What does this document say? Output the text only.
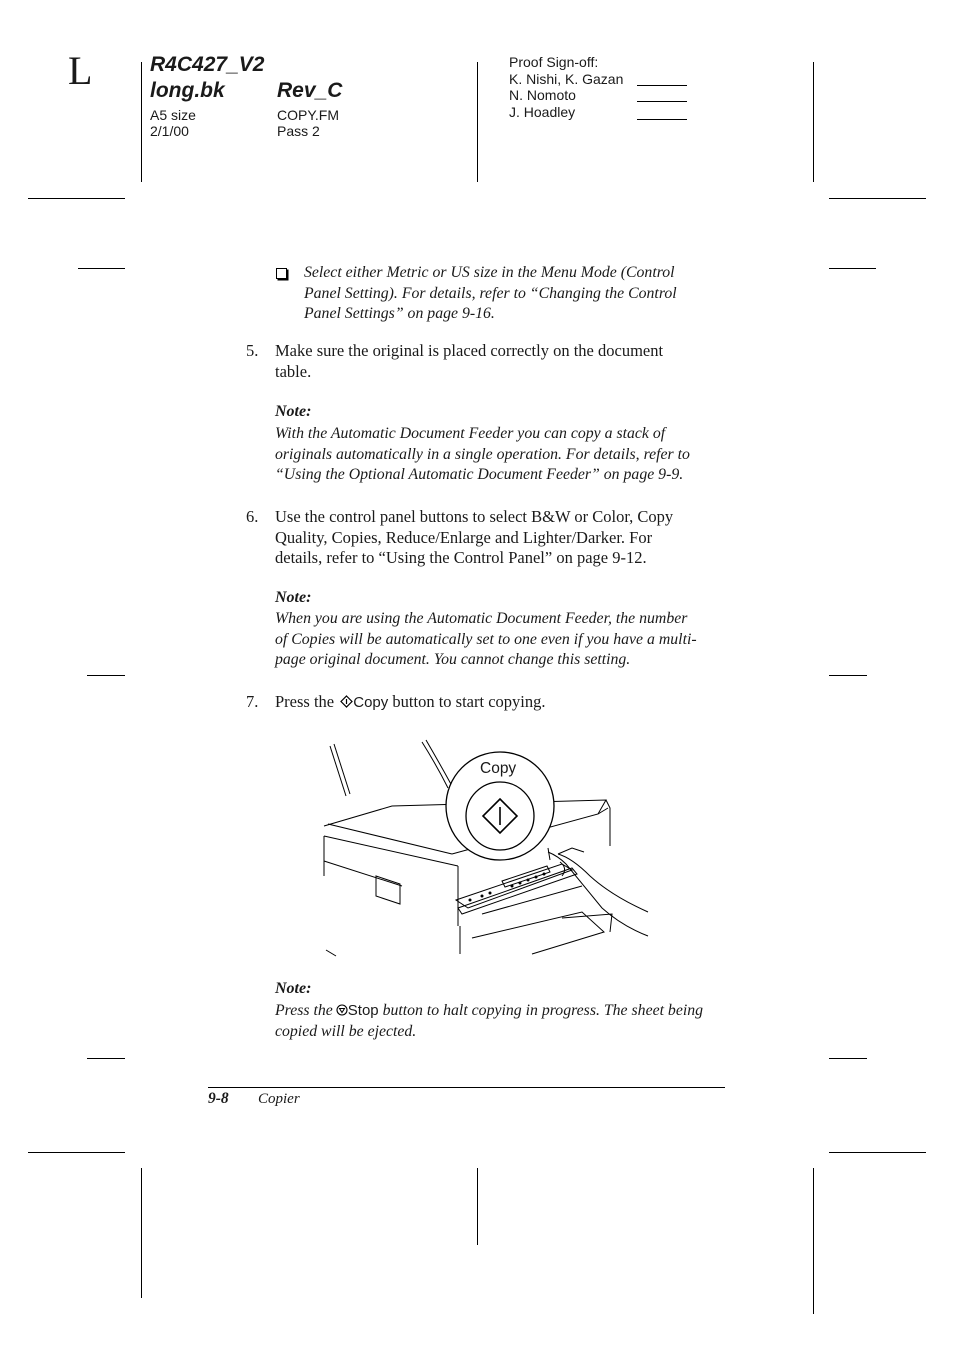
L	R4C427_V2
long.bk Rev_C
A5 size
2/1/00
COPY.FM
Pass 2
Proof Sign-off:
K. Nishi, K. Gazan
N. Nomoto
J. Hoadley
Select either Metric or US size in the Menu Mode (Control
Panel Setting). For details, refer to “Changing the Control
Panel Settings” on page 9-16.
5. Make sure the original is placed correctly on the document
table.
Note:
With the Automatic Document Feeder you can copy a stack of
originals automatically in a single operation. For details, refer to
“Using the Optional Automatic Document Feeder” on page 9-9.
6. Use the control panel buttons to select B&W or Color, Copy
Quality, Copies, Reduce/Enlarge and Lighter/Darker. For
details, refer to “Using the Control Panel” on page 9-12.
Note:
When you are using the Automatic Document Feeder, the number
of Copies will be automatically set to one even if you have a multi-
page original document. You cannot change this setting.
7. Press the Copy button to start copying.
Copy
Note:
Press the Stop button to halt copying in progress. The sheet being
copied will be ejected.
9-8 Copier
